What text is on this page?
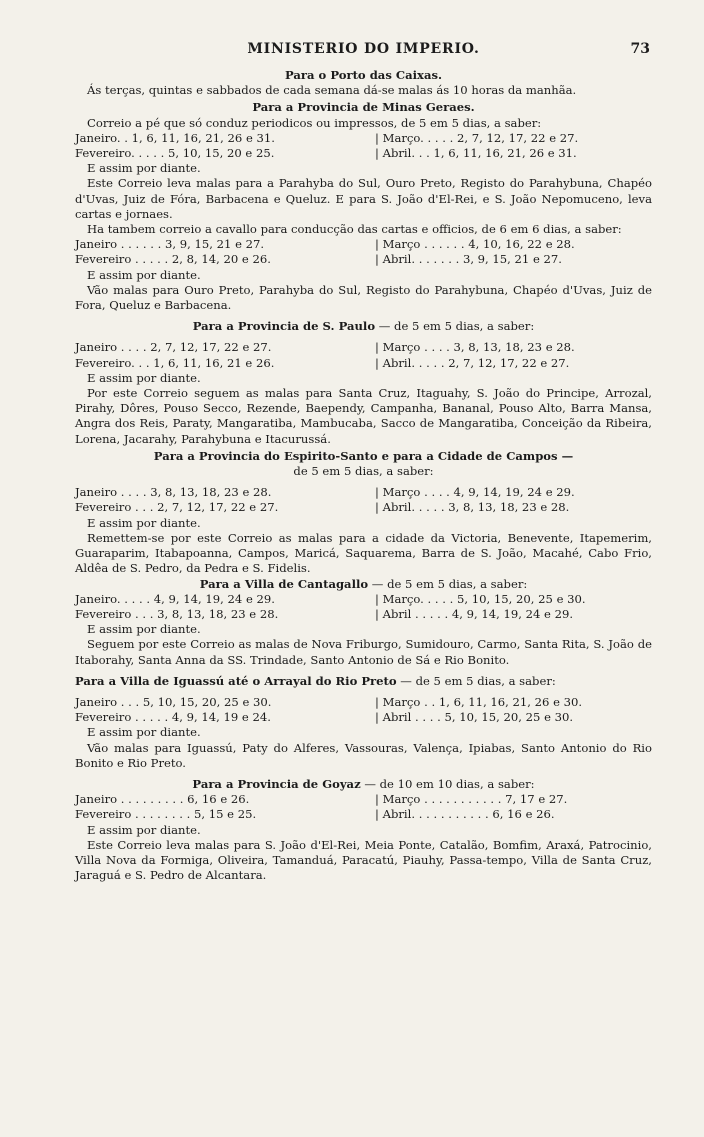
MINISTERIO DO IMPERIO.	73
Para o Porto das Caixas.
Ás terças, quintas e sabbados de cada semana dá-se malas ás 10 horas da manhãa.
Para a Provincia de Minas Geraes.
Correio a pé que só conduz periodicos ou impressos, de 5 em 5 dias, a saber:
Janeiro. . 1, 6, 11, 16, 21, 26 e 31.	| Março. . . . . 2, 7, 12, 17, 22 e 27.
Fevereiro. . . . . 5, 10, 15, 20 e 25.	| Abril. . . 1, 6, 11, 16, 21, 26 e 31.
E assim por diante.
Este Correio leva malas para a Parahyba do Sul, Ouro Preto, Registo do Parahybuna, Chapéo d'Uvas, Juiz de Fóra, Barbacena e Queluz. E para S. João d'El-Rei, e S. João Nepomuceno, leva cartas e jornaes.
Ha tambem correio a cavallo para conducção das cartas e officios, de 6 em 6 dias, a saber:
Janeiro . . . . . . 3, 9, 15, 21 e 27.	| Março . . . . . . 4, 10, 16, 22 e 28.
Fevereiro . . . . . 2, 8, 14, 20 e 26.	| Abril. . . . . . . 3, 9, 15, 21 e 27.
E assim por diante.
Vão malas para Ouro Preto, Parahyba do Sul, Registo do Parahybuna, Chapéo d'Uvas, Juiz de Fora, Queluz e Barbacena.
Para a Provincia de S. Paulo — de 5 em 5 dias, a saber:
Janeiro . . . . 2, 7, 12, 17, 22 e 27.	| Março . . . . 3, 8, 13, 18, 23 e 28.
Fevereiro. . . 1, 6, 11, 16, 21 e 26.	| Abril. . . . . 2, 7, 12, 17, 22 e 27.
E assim por diante.
Por este Correio seguem as malas para Santa Cruz, Itaguahy, S. João do Principe, Arrozal, Pirahy, Dôres, Pouso Secco, Rezende, Baependy, Campanha, Bananal, Pouso Alto, Barra Mansa, Angra dos Reis, Paraty, Mangaratiba, Mambucaba, Sacco de Mangaratiba, Conceição da Ribeira, Lorena, Jacarahy, Parahybuna e Itacurussá.
Para a Provincia do Espirito-Santo e para a Cidade de Campos —
de 5 em 5 dias, a saber:
Janeiro . . . . 3, 8, 13, 18, 23 e 28.	| Março . . . . 4, 9, 14, 19, 24 e 29.
Fevereiro . . . 2, 7, 12, 17, 22 e 27.	| Abril. . . . . 3, 8, 13, 18, 23 e 28.
E assim por diante.
Remettem-se por este Correio as malas para a cidade da Victoria, Benevente, Itapemerim, Guaraparim, Itabapoanna, Campos, Maricá, Saquarema, Barra de S. João, Macahé, Cabo Frio, Aldêa de S. Pedro, da Pedra e S. Fidelis.
Para a Villa de Cantagallo — de 5 em 5 dias, a saber:
Janeiro. . . . . 4, 9, 14, 19, 24 e 29.	| Março. . . . . 5, 10, 15, 20, 25 e 30.
Fevereiro . . . 3, 8, 13, 18, 23 e 28.	| Abril . . . . . 4, 9, 14, 19, 24 e 29.
E assim por diante.
Seguem por este Correio as malas de Nova Friburgo, Sumidouro, Carmo, Santa Rita, S. João de Itaborahy, Santa Anna da SS. Trindade, Santo Antonio de Sá e Rio Bonito.
Para a Villa de Iguassú até o Arrayal do Rio Preto — de 5 em 5 dias, a saber:
Janeiro . . . 5, 10, 15, 20, 25 e 30.	| Março . . 1, 6, 11, 16, 21, 26 e 30.
Fevereiro . . . . . 4, 9, 14, 19 e 24.	| Abril . . . . 5, 10, 15, 20, 25 e 30.
E assim por diante.
Vão malas para Iguassú, Paty do Alferes, Vassouras, Valença, Ipiabas, Santo Antonio do Rio Bonito e Rio Preto.
Para a Provincia de Goyaz — de 10 em 10 dias, a saber:
Janeiro . . . . . . . . . 6, 16 e 26.	| Março . . . . . . . . . . . 7, 17 e 27.
Fevereiro . . . . . . . . 5, 15 e 25.	| Abril. . . . . . . . . . . 6, 16 e 26.
E assim por diante.
Este Correio leva malas para S. João d'El-Rei, Meia Ponte, Catalão, Bomfim, Araxá, Patrocinio, Villa Nova da Formiga, Oliveira, Tamanduá, Paracatú, Piauhy, Passa-tempo, Villa de Santa Cruz, Jaraguá e S. Pedro de Alcantara.
